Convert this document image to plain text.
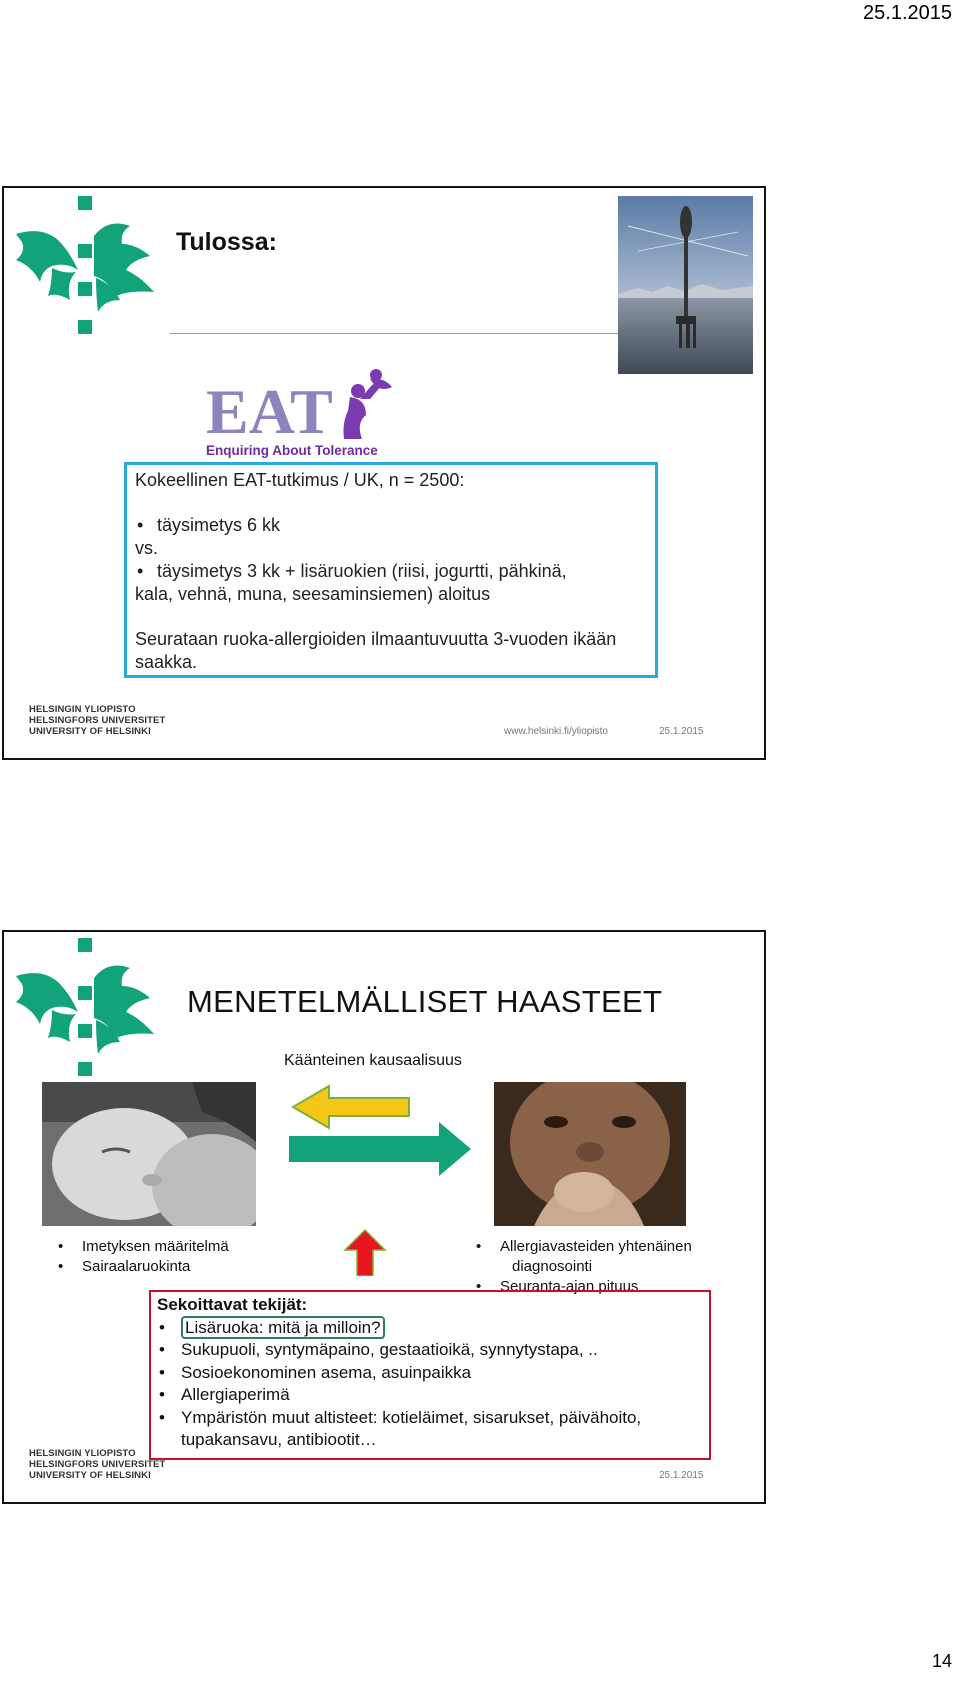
25.1.2015
Tulossa:
EAT
Enquiring About Tolerance

Kokeellinen EAT-tutkimus / UK, n = 2500:

• täysimetys 6 kk

vs.

• täysimetys 3 kk + lisäruokien (riisi, jogurtti, pähkinä,

kala, vehnä, muna, seesaminsiemen) aloitus

Seurataan ruoka-allergioiden ilmaantuvuutta 3-vuoden ikään

saakka.

HELSINGIN YLIOPISTO
HELSINGFORS UNIVERSITET
UNIVERSITY OF HELSINKI	www.helsinki.fi/yliopisto	25.1.2015
MENETELMÄLLISET HAASTEET
Käänteinen kausaalisuus

• Imetyksen määritelmä

• Sairaalaruokinta

• Allergiavasteiden yhtenäinen

diagnosointi

• Seuranta-ajan pituus

Sekoittavat tekijät:

• Lisäruoka: mitä ja milloin?

• Sukupuoli, syntymäpaino, gestaatioikä, synnytystapa, ..

• Sosioekonominen asema, asuinpaikka

• Allergiaperimä

• Ympäristön muut altisteet: kotieläimet, sisarukset, päivähoito,

tupakansavu, antibiootit…

HELSINGIN YLIOPISTO
HELSINGFORS UNIVERSITET
UNIVERSITY OF HELSINKI	25.1.2015
14
